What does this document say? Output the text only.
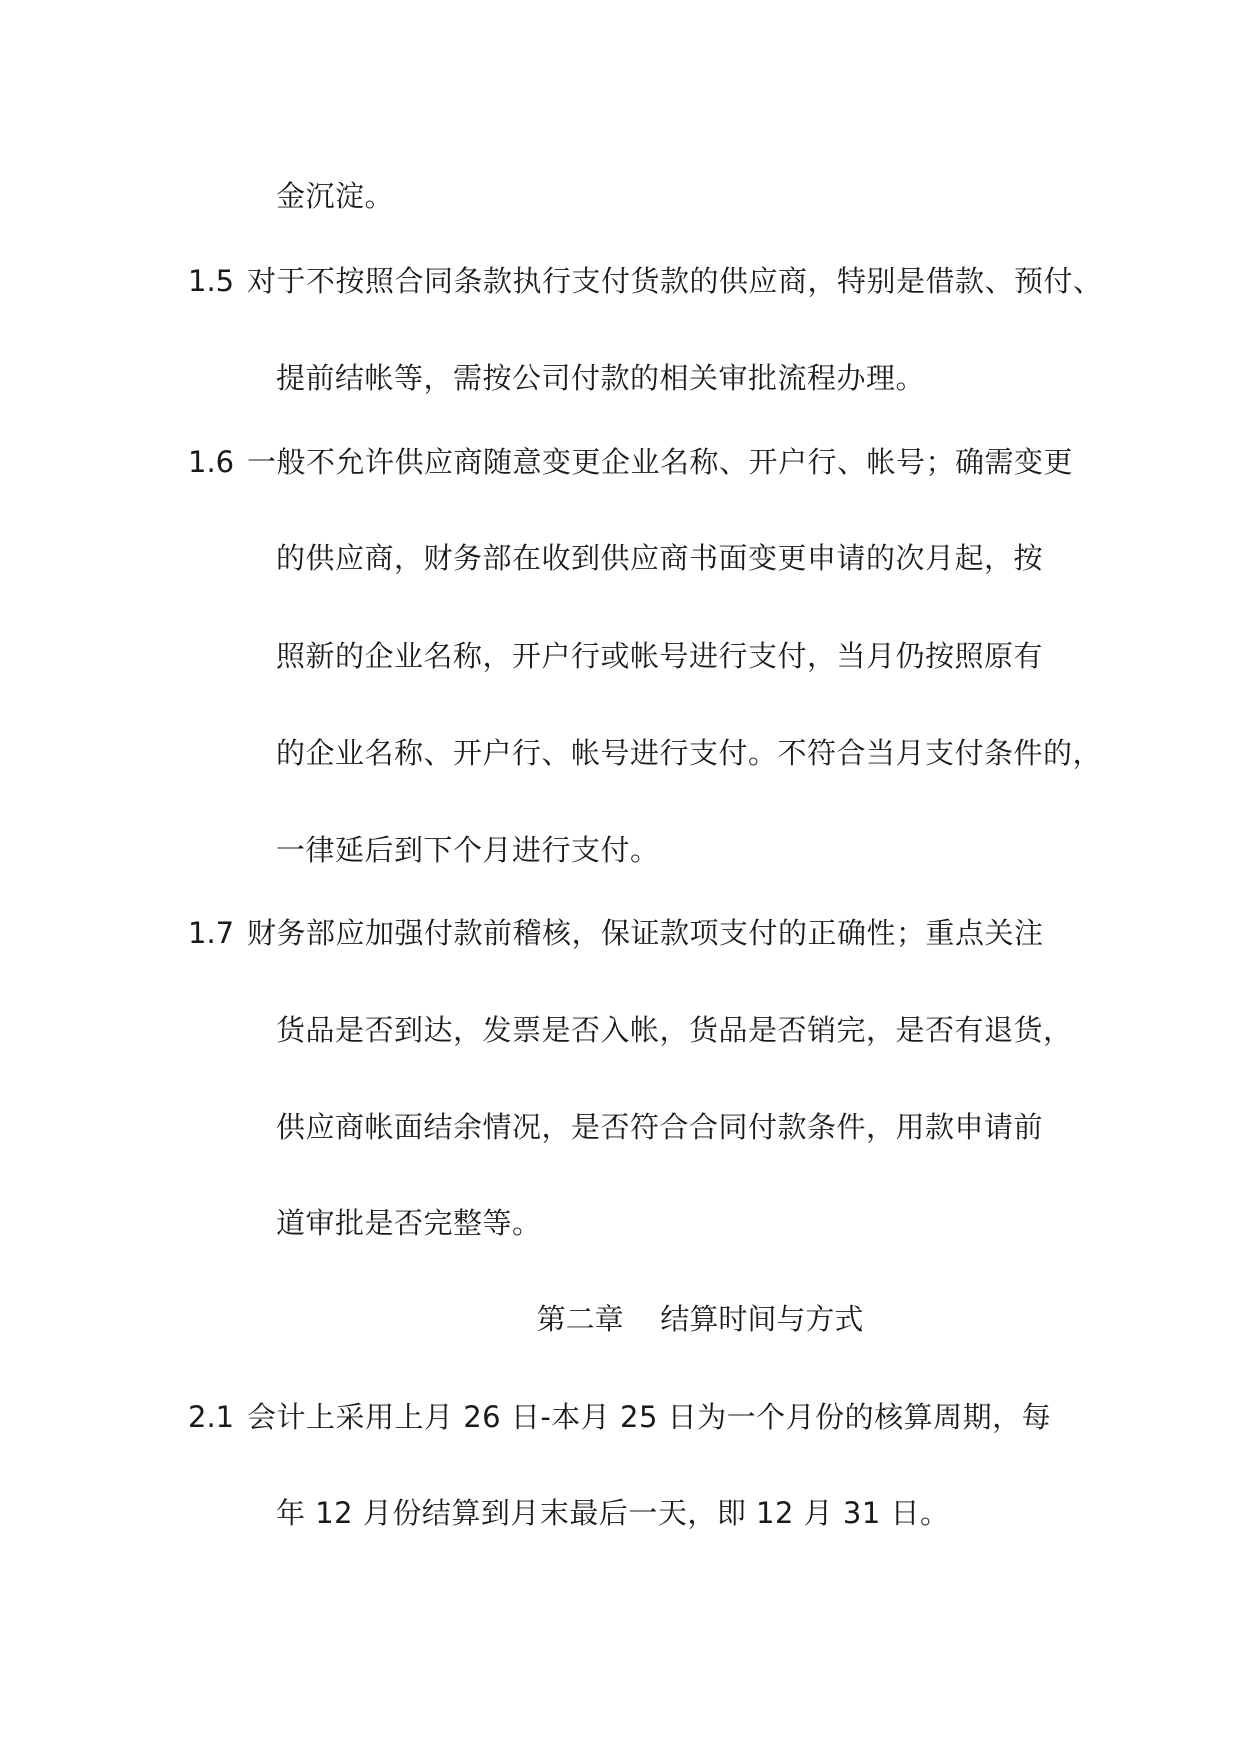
金沉淀。
1.5 对于不按照合同条款执行支付货款的供应商，特别是借款、预付、
提前结帐等，需按公司付款的相关审批流程办理。
1.6 一般不允许供应商随意变更企业名称、开户行、帐号；确需变更
的供应商，财务部在收到供应商书面变更申请的次月起，按
照新的企业名称，开户行或帐号进行支付，当月仍按照原有
的企业名称、开户行、帐号进行支付。不符合当月支付条件的，
一律延后到下个月进行支付。
1.7 财务部应加强付款前稽核，保证款项支付的正确性；重点关注
货品是否到达，发票是否入帐，货品是否销完，是否有退货，
供应商帐面结余情况，是否符合合同付款条件，用款申请前
道审批是否完整等。
第二章    结算时间与方式
2.1 会计上采用上月 26 日-本月 25 日为一个月份的核算周期，每
年 12 月份结算到月末最后一天，即 12 月 31 日。
